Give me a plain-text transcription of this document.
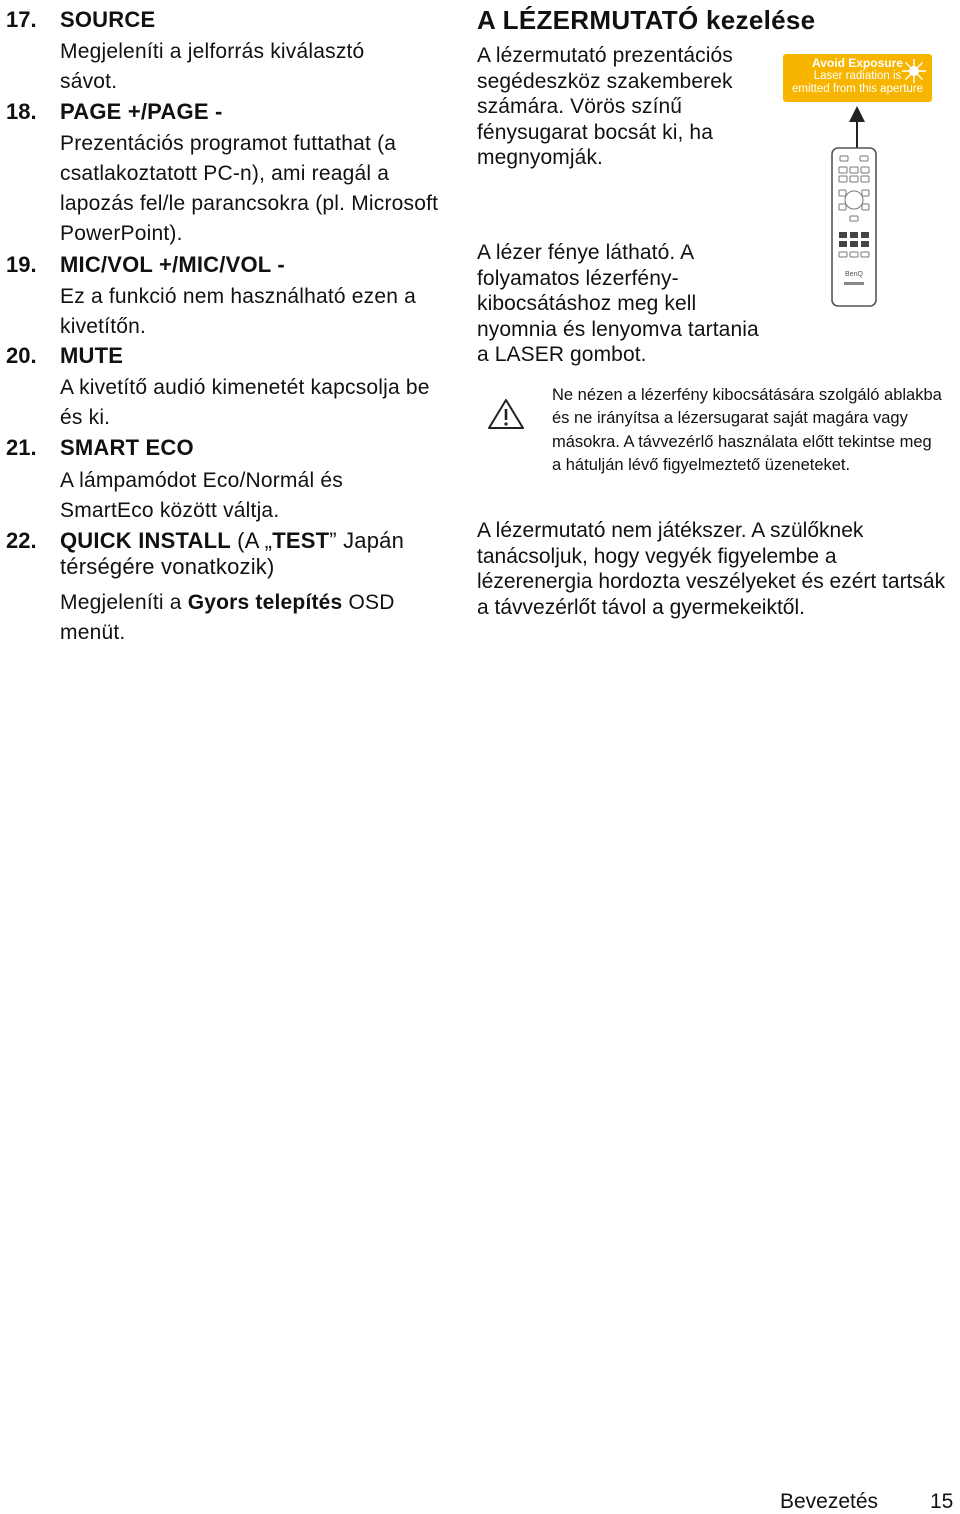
17. SOURCE
Megjeleníti a jelforrás kiválasztó sávot.
18. PAGE +/PAGE -
Prezentációs programot futtathat (a csatlakoztatott PC-n), ami reagál a lapozás fel/le parancsokra (pl. Microsoft PowerPoint).
19. MIC/VOL +/MIC/VOL -
Ez a funkció nem használható ezen a kivetítőn.
20. MUTE
A kivetítő audió kimenetét kapcsolja be és ki.
21. SMART ECO
A lámpamódot Eco/Normál és SmartEco között váltja.
22. QUICK INSTALL (A „TEST” Japán térségére vonatkozik)
Megjeleníti a Gyors telepítés OSD menüt.
A LÉZERMUTATÓ kezelése
A lézermutató prezentációs segédeszköz szakemberek számára. Vörös színű fénysugarat bocsát ki, ha megnyomják.
A lézer fénye látható. A folyamatos lézerfény-kibocsátáshoz meg kell nyomnia és lenyomva tartania a LASER gombot.
Avoid Exposure
Laser radiation is
emitted from this aperture
BenQ
Ne nézen a lézerfény kibocsátására szolgáló ablakba és ne irányítsa a lézersugarat saját magára vagy másokra. A távvezérlő használata előtt tekintse meg a hátulján lévő figyelmeztető üzeneteket.
A lézermutató nem játékszer. A szülőknek tanácsoljuk, hogy vegyék figyelembe a lézerenergia hordozta veszélyeket és ezért tartsák a távvezérlőt távol a gyermekeiktől.
Bevezetés 15
